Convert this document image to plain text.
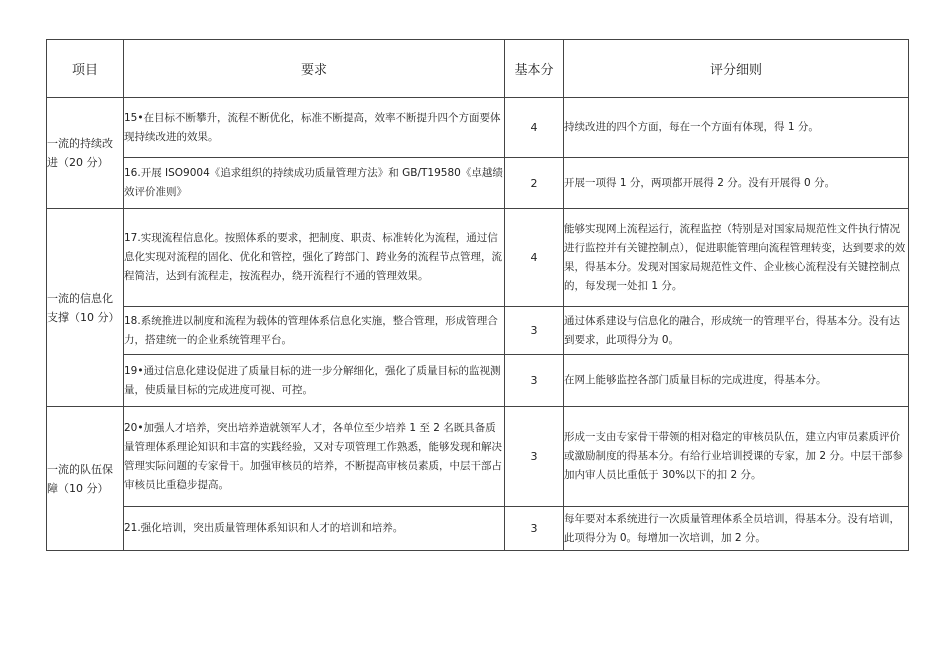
项目	要求	基本分	评分细则
一流的持续改进（20 分）	15•在目标不断攀升，流程不断优化，标准不断提高，效率不断提升四个方面要体现持续改进的效果。	4	持续改进的四个方面，每在一个方面有体现，得 1 分。
	16.开展 ISO9004《追求组织的持续成功质量管理方法》和 GB/T19580《卓越绩效评价准则》	2	开展一项得 1 分，两项都开展得 2 分。没有开展得 0 分。
一流的信息化支撑（10 分）	17.实现流程信息化。按照体系的要求，把制度、职责、标准转化为流程，通过信息化实现对流程的固化、优化和管控，强化了跨部门、跨业务的流程节点管理，流程简洁，达到有流程走，按流程办，绕开流程行不通的管理效果。	4	能够实现网上流程运行，流程监控（特别是对国家局规范性文件执行情况进行监控并有关键控制点），促进职能管理向流程管理转变，达到要求的效果，得基本分。发现对国家局规范性文件、企业核心流程没有关键控制点的，每发现一处扣 1 分。
	18.系统推进以制度和流程为载体的管理体系信息化实施，整合管理，形成管理合力，搭建统一的企业系统管理平台。	3	通过体系建设与信息化的融合，形成统一的管理平台，得基本分。没有达到要求，此项得分为 0。
	19•通过信息化建设促进了质量目标的进一步分解细化，强化了质量目标的监视测量，使质量目标的完成进度可视、可控。	3	在网上能够监控各部门质量目标的完成进度，得基本分。
一流的队伍保障（10 分）	20•加强人才培养，突出培养造就领军人才，各单位至少培养 1 至 2 名既具备质量管理体系理论知识和丰富的实践经验，又对专项管理工作熟悉，能够发现和解决管理实际问题的专家骨干。加强审核员的培养，不断提高审核员素质，中层干部占审核员比重稳步提高。	3	形成一支由专家骨干带领的相对稳定的审核员队伍，建立内审员素质评价或激励制度的得基本分。有给行业培训授课的专家，加 2 分。中层干部参加内审人员比重低于 30%以下的扣 2 分。
	21.强化培训，突出质量管理体系知识和人才的培训和培养。	3	每年要对本系统进行一次质量管理体系全员培训，得基本分。没有培训，此项得分为 0。每增加一次培训，加 2 分。
